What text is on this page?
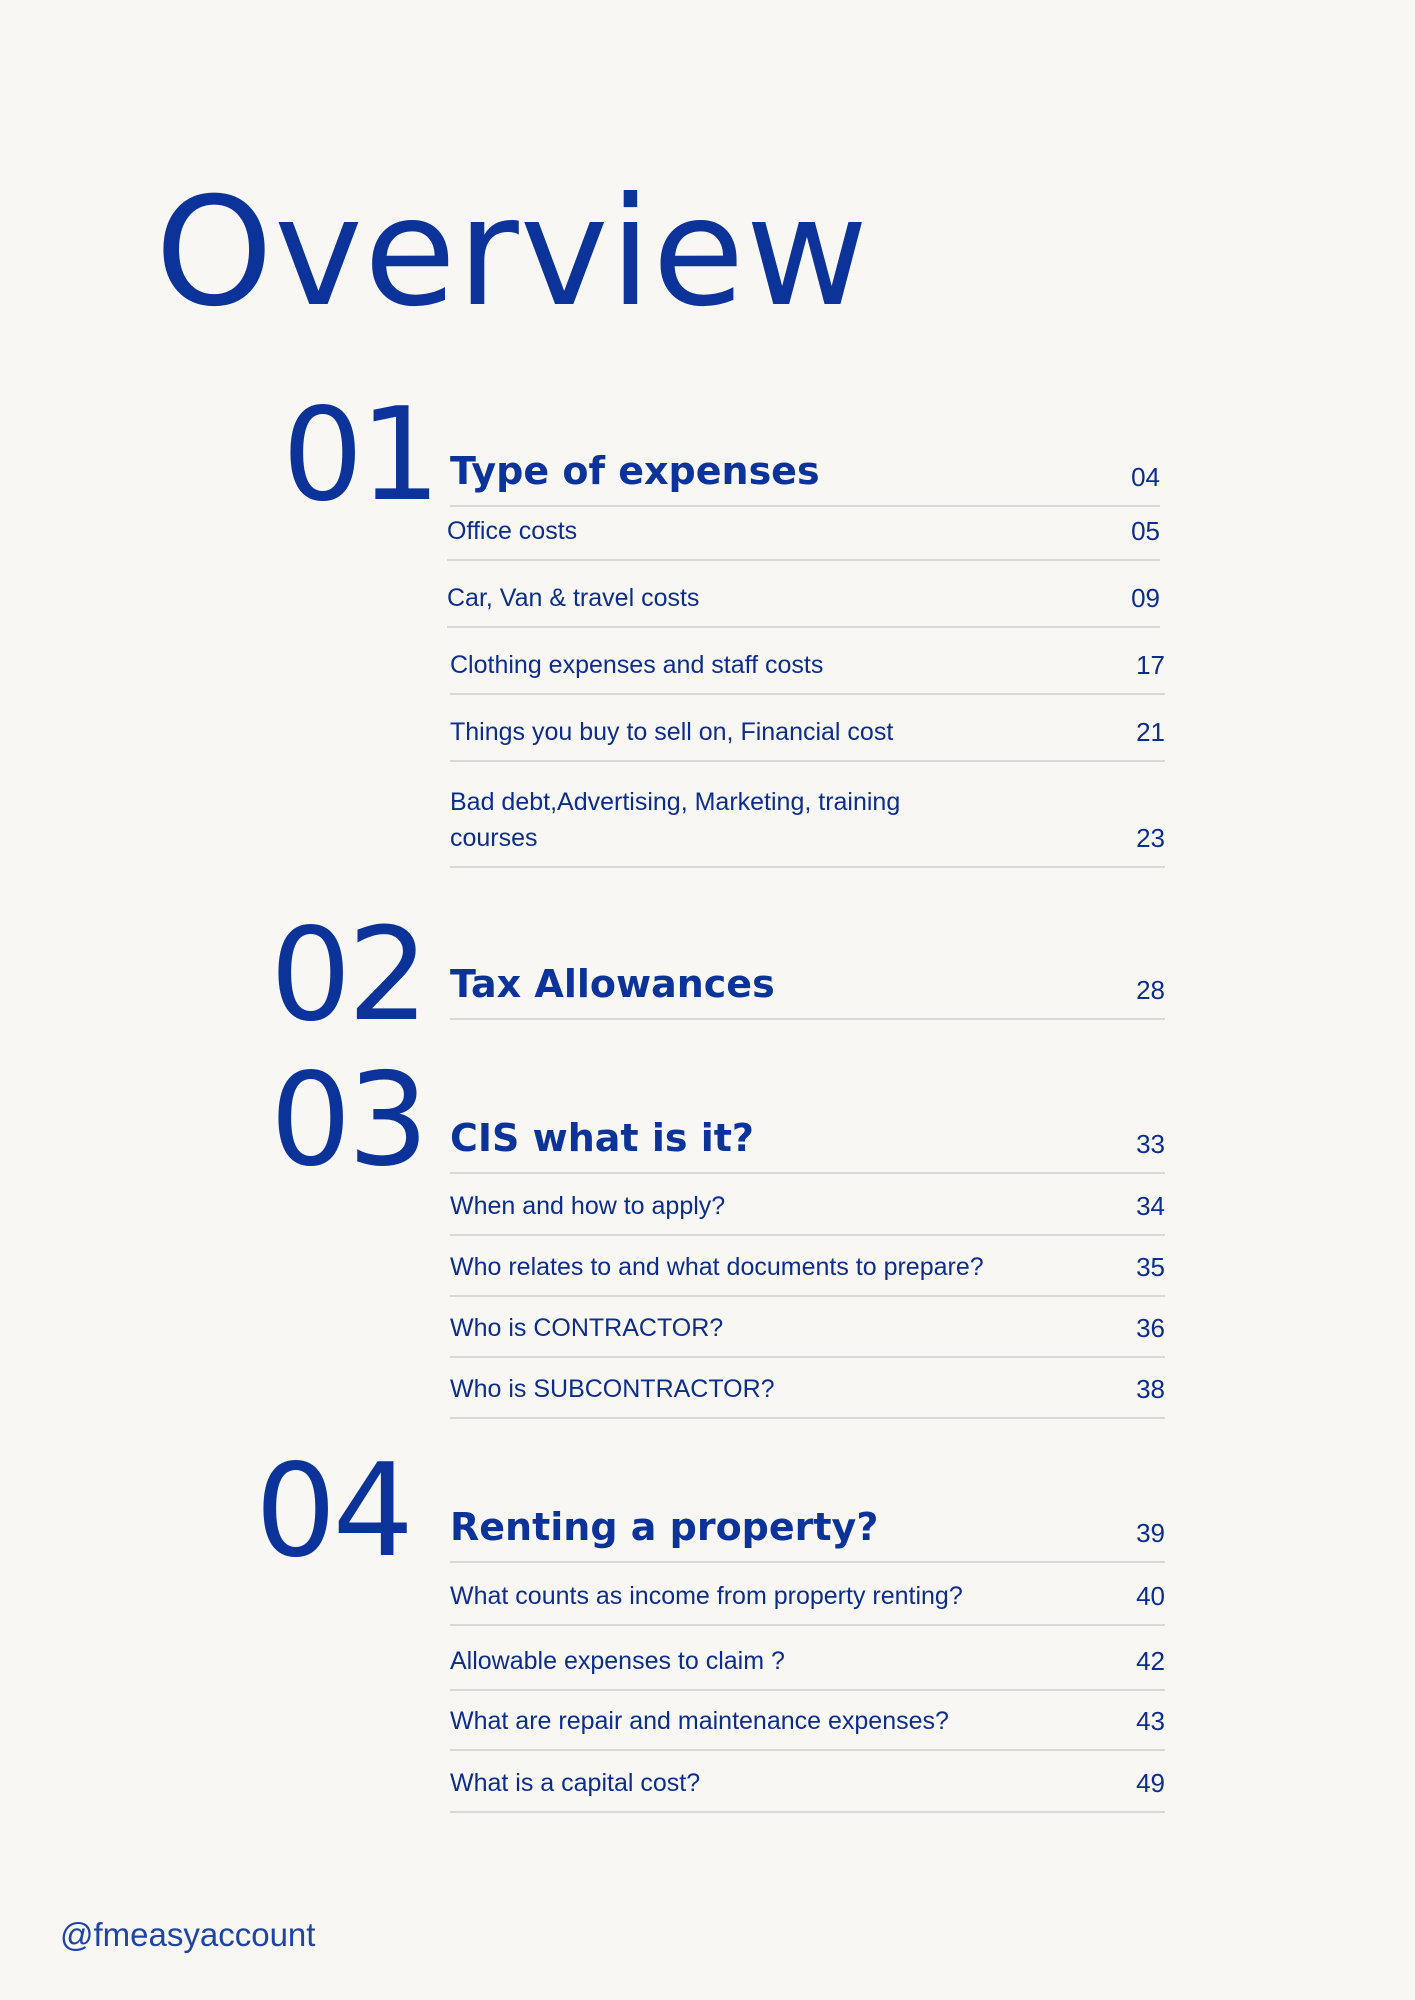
Overview
01 Type of expenses	04
Office costs	05
Car, Van & travel costs	09
Clothing expenses and staff costs	17
Things you buy to sell on, Financial cost	21
Bad debt,Advertising, Marketing, training courses	23
02 Tax Allowances	28
03 CIS what is it?	33
When and how to apply?	34
Who relates to and what documents to prepare?	35
Who is CONTRACTOR?	36
Who is SUBCONTRACTOR?	38
04 Renting a property?	39
What counts as income from property renting?	40
Allowable expenses to claim ?	42
What are repair and maintenance expenses?	43
What is a capital cost?	49
@fmeasyaccount
